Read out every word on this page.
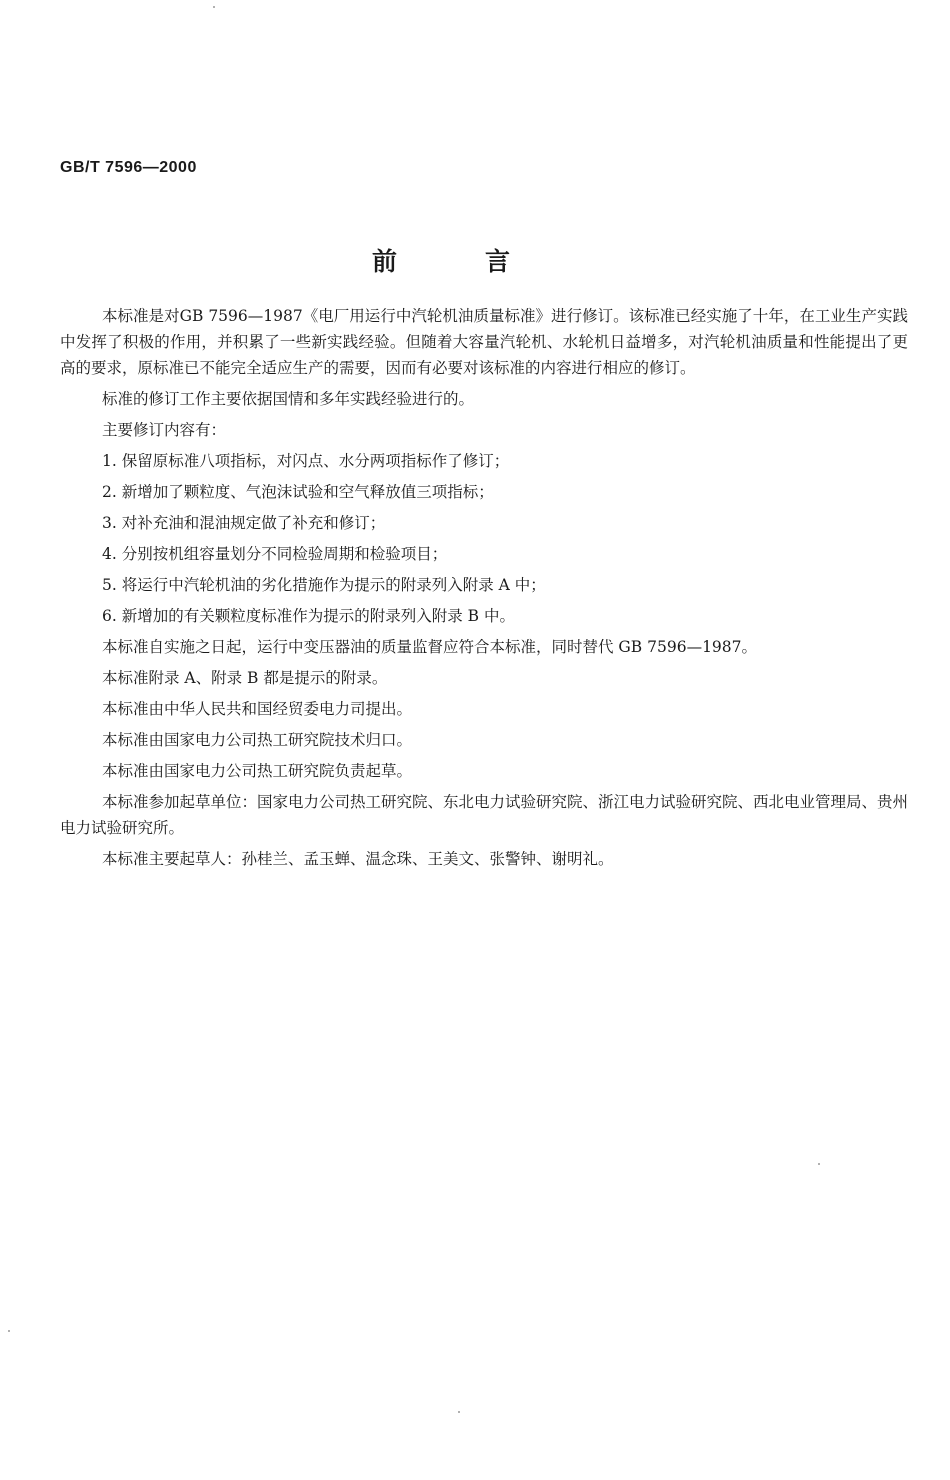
GB/T 7596—2000
前言

本标准是对GB 7596—1987《电厂用运行中汽轮机油质量标准》进行修订。该标准已经实施了十年，在工业生产实践中发挥了积极的作用，并积累了一些新实践经验。但随着大容量汽轮机、水轮机日益增多，对汽轮机油质量和性能提出了更高的要求，原标准已不能完全适应生产的需要，因而有必要对该标准的内容进行相应的修订。

标准的修订工作主要依据国情和多年实践经验进行的。

主要修订内容有：

1. 保留原标准八项指标，对闪点、水分两项指标作了修订；

2. 新增加了颗粒度、气泡沫试验和空气释放值三项指标；

3. 对补充油和混油规定做了补充和修订；

4. 分别按机组容量划分不同检验周期和检验项目；

5. 将运行中汽轮机油的劣化措施作为提示的附录列入附录 A 中；

6. 新增加的有关颗粒度标准作为提示的附录列入附录 B 中。

本标准自实施之日起，运行中变压器油的质量监督应符合本标准，同时替代 GB 7596—1987。

本标准附录 A、附录 B 都是提示的附录。

本标准由中华人民共和国经贸委电力司提出。

本标准由国家电力公司热工研究院技术归口。

本标准由国家电力公司热工研究院负责起草。

本标准参加起草单位：国家电力公司热工研究院、东北电力试验研究院、浙江电力试验研究院、西北电业管理局、贵州电力试验研究所。

本标准主要起草人：孙桂兰、孟玉蝉、温念珠、王美文、张警钟、谢明礼。
